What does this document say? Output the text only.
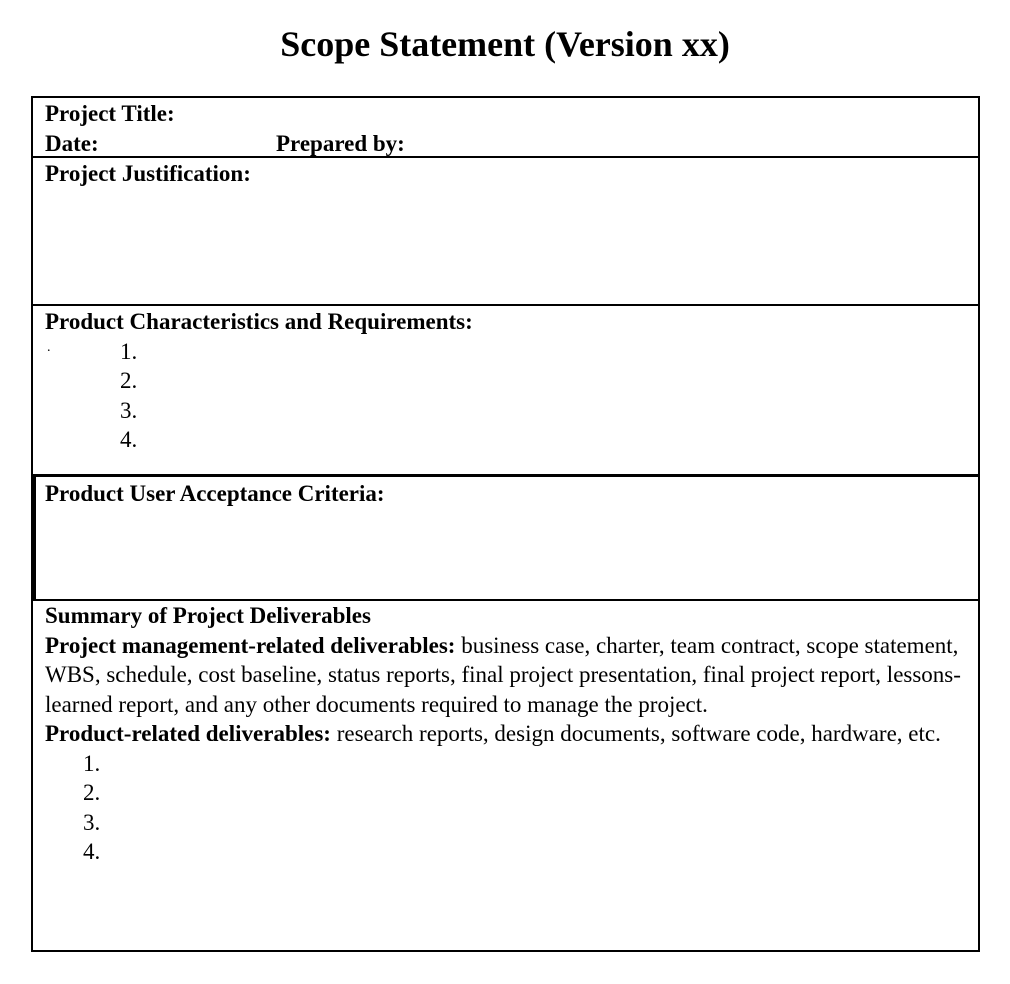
Scope Statement (Version xx)
Project Title:
Date:	Prepared by:
Project Justification:
.
Product Characteristics and Requirements:
1.
2.
3.
4.
Product User Acceptance Criteria:
Summary of Project Deliverables

Project management-related deliverables: business case, charter, team contract, scope statement, WBS, schedule, cost baseline, status reports, final project presentation, final project report, lessons-learned report, and any other documents required to manage the project.

Product-related deliverables: research reports, design documents, software code, hardware, etc.

1.
2.
3.
4.
